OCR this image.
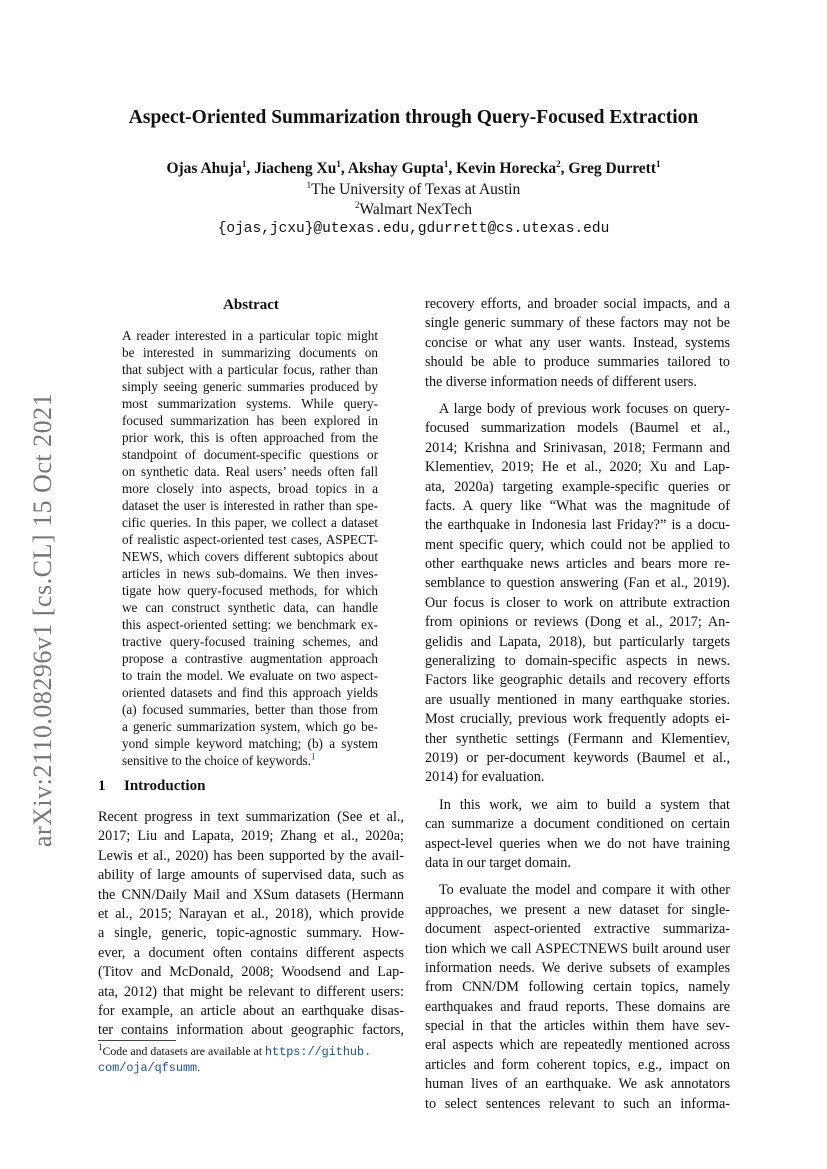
arXiv:2110.08296v1 [cs.CL] 15 Oct 2021
Aspect-Oriented Summarization through Query-Focused Extraction
Ojas Ahuja$^1$, Jiacheng Xu$^1$, Akshay Gupta$^1$, Kevin Horecka$^2$, Greg Durrett$^1$
$^1$The University of Texas at Austin
$^2$Walmart NexTech
{ojas,jcxu}@utexas.edu,gdurrett@cs.utexas.edu
Abstract
A reader interested in a particular topic might
be interested in summarizing documents on
that subject with a particular focus, rather than
simply seeing generic summaries produced by
most summarization systems. While query-
focused summarization has been explored in
prior work, this is often approached from the
standpoint of document-specific questions or
on synthetic data. Real users’ needs often fall
more closely into aspects, broad topics in a
dataset the user is interested in rather than spe-
cific queries. In this paper, we collect a dataset
of realistic aspect-oriented test cases, ASPECT-
NEWS, which covers different subtopics about
articles in news sub-domains. We then inves-
tigate how query-focused methods, for which
we can construct synthetic data, can handle
this aspect-oriented setting: we benchmark ex-
tractive query-focused training schemes, and
propose a contrastive augmentation approach
to train the model. We evaluate on two aspect-
oriented datasets and find this approach yields
(a) focused summaries, better than those from
a generic summarization system, which go be-
yond simple keyword matching; (b) a system
sensitive to the choice of keywords.$^1$
1 Introduction
Recent progress in text summarization (See et al.,
2017; Liu and Lapata, 2019; Zhang et al., 2020a;
Lewis et al., 2020) has been supported by the avail-
ability of large amounts of supervised data, such as
the CNN/Daily Mail and XSum datasets (Hermann
et al., 2015; Narayan et al., 2018), which provide
a single, generic, topic-agnostic summary. How-
ever, a document often contains different aspects
(Titov and McDonald, 2008; Woodsend and Lap-
ata, 2012) that might be relevant to different users:
for example, an article about an earthquake disas-
ter contains information about geographic factors,
recovery efforts, and broader social impacts, and a
single generic summary of these factors may not be
concise or what any user wants. Instead, systems
should be able to produce summaries tailored to
the diverse information needs of different users.
A large body of previous work focuses on query-
focused summarization models (Baumel et al.,
2014; Krishna and Srinivasan, 2018; Fermann and
Klementiev, 2019; He et al., 2020; Xu and Lap-
ata, 2020a) targeting example-specific queries or
facts. A query like “What was the magnitude of
the earthquake in Indonesia last Friday?” is a docu-
ment specific query, which could not be applied to
other earthquake news articles and bears more re-
semblance to question answering (Fan et al., 2019).
Our focus is closer to work on attribute extraction
from opinions or reviews (Dong et al., 2017; An-
gelidis and Lapata, 2018), but particularly targets
generalizing to domain-specific aspects in news.
Factors like geographic details and recovery efforts
are usually mentioned in many earthquake stories.
Most crucially, previous work frequently adopts ei-
ther synthetic settings (Fermann and Klementiev,
2019) or per-document keywords (Baumel et al.,
2014) for evaluation.
In this work, we aim to build a system that
can summarize a document conditioned on certain
aspect-level queries when we do not have training
data in our target domain.
To evaluate the model and compare it with other
approaches, we present a new dataset for single-
document aspect-oriented extractive summariza-
tion which we call ASPECTNEWS built around user
information needs. We derive subsets of examples
from CNN/DM following certain topics, namely
earthquakes and fraud reports. These domains are
special in that the articles within them have sev-
eral aspects which are repeatedly mentioned across
articles and form coherent topics, e.g., impact on
human lives of an earthquake. We ask annotators
to select sentences relevant to such an informa-
$^1$Code and datasets are available at https://github.
com/oja/qfsumm.
